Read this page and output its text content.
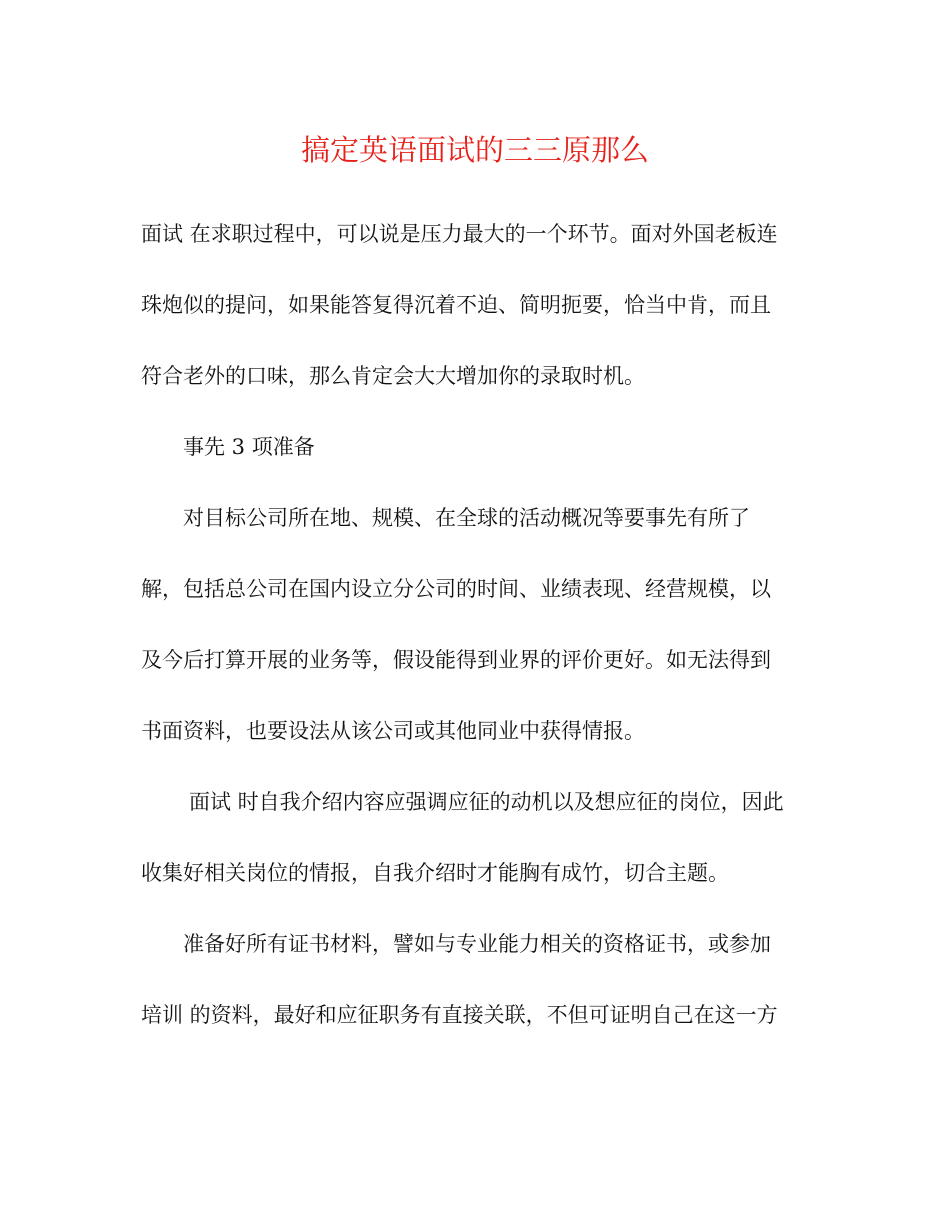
搞定英语面试的三三原那么
面试 在求职过程中，可以说是压力最大的一个环节。面对外国老板连
珠炮似的提问，如果能答复得沉着不迫、简明扼要，恰当中肯，而且
符合老外的口味，那么肯定会大大增加你的录取时机。
事先 3 项准备
对目标公司所在地、规模、在全球的活动概况等要事先有所了
解，包括总公司在国内设立分公司的时间、业绩表现、经营规模，以
及今后打算开展的业务等，假设能得到业界的评价更好。如无法得到
书面资料，也要设法从该公司或其他同业中获得情报。
面试 时自我介绍内容应强调应征的动机以及想应征的岗位，因此
收集好相关岗位的情报，自我介绍时才能胸有成竹，切合主题。
准备好所有证书材料，譬如与专业能力相关的资格证书，或参加
培训 的资料，最好和应征职务有直接关联，不但可证明自己在这一方
